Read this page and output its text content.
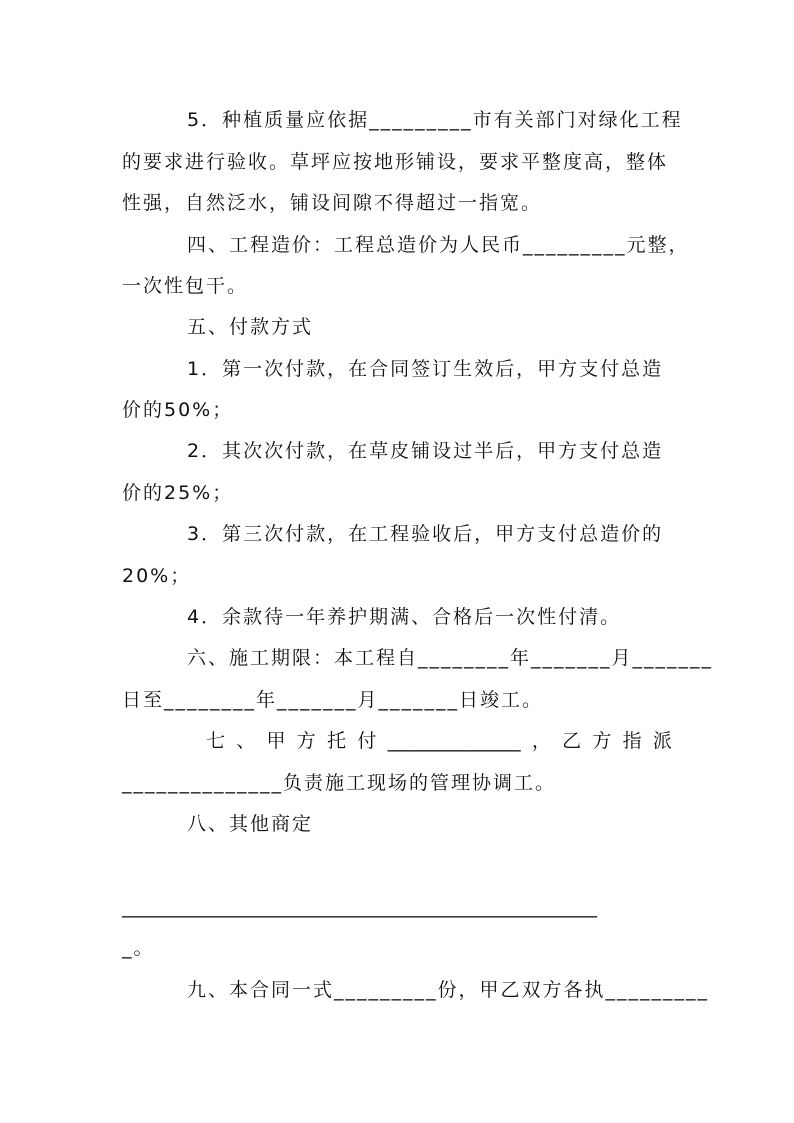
5．种植质量应依据_________市有关部门对绿化工程
的要求进行验收。草坪应按地形铺设，要求平整度高，整体
性强，自然泛水，铺设间隙不得超过一指宽。
四、工程造价：工程总造价为人民币_________元整，
一次性包干。
五、付款方式
1．第一次付款，在合同签订生效后，甲方支付总造
价的50%；
2．其次次付款，在草皮铺设过半后，甲方支付总造
价的25%；
3．第三次付款，在工程验收后，甲方支付总造价的
20%；
4．余款待一年养护期满、合格后一次性付清。
六、施工期限：本工程自________年_______月_______
日至________年_______月_______日竣工。
七 、 甲 方 托 付 ______________ ， 乙 方 指 派
______________负责施工现场的管理协调工。
八、其他商定
__________________________________________________
_。
九、本合同一式_________份，甲乙双方各执_________
